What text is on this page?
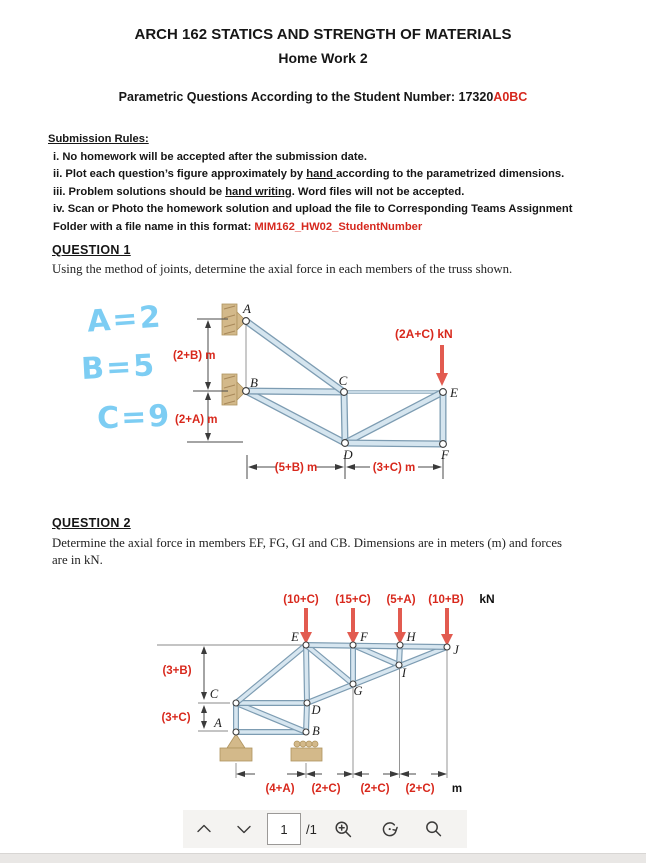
ARCH 162 STATICS AND STRENGTH OF MATERIALS
Home Work 2
Parametric Questions According to the Student Number: 17320A0BC
Submission Rules:
i. No homework will be accepted after the submission date.
ii. Plot each question’s figure approximately by hand according to the parametrized dimensions.
iii. Problem solutions should be hand writing. Word files will not be accepted.
iv. Scan or Photo the homework solution and upload the file to Corresponding Teams Assignment
Folder with a file name in this format: MIM162_HW02_StudentNumber
QUESTION 1
Using the method of joints, determine the axial force in each members of the truss shown.
(2+B) m
(2+A) m
(2A+C) kN
(5+B) m	(3+C) m
A
B	C
E
D	F
A=2
B=5
C=9
QUESTION 2
Determine the axial force in members EF, FG, GI and CB. Dimensions are in meters (m) and forces
are in kN.
(10+C) (15+C) (5+A) (10+B) kN
(3+B)
(3+C)
(4+A) (2+C) (2+C) (2+C) m
E	F	H
J
I
G
C
D
A
B
1
/1
